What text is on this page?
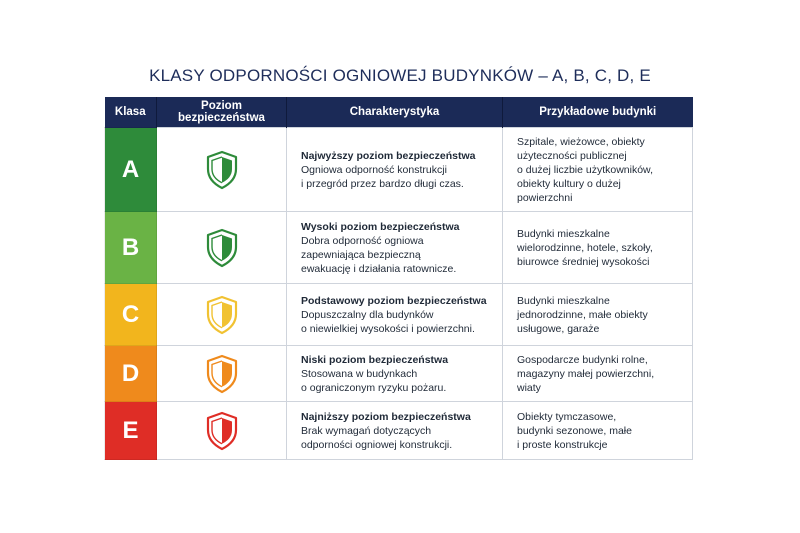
KLASY ODPORNOŚCI OGNIOWEJ BUDYNKÓW – A, B, C, D, E
Klasa	Poziom bezpieczeństwa	Charakterystyka	Przykładowe budynki
A		Najwyższy poziom bezpieczeństwa
Ogniowa odporność konstrukcji
i przegród przez bardzo długi czas.	Szpitale, wieżowce, obiekty
użyteczności publicznej
o dużej liczbie użytkowników,
obiekty kultury o dużej
powierzchni

B		Wysoki poziom bezpieczeństwa
Dobra odporność ogniowa
zapewniająca bezpieczną
ewakuację i działania ratownicze.	Budynki mieszkalne
wielorodzinne, hotele, szkoły,
biurowce średniej wysokości

C		Podstawowy poziom bezpieczeństwa
Dopuszczalny dla budynków
o niewielkiej wysokości i powierzchni.	Budynki mieszkalne
jednorodzinne, małe obiekty
usługowe, garaże

D		Niski poziom bezpieczeństwa
Stosowana w budynkach
o ograniczonym ryzyku pożaru.	Gospodarcze budynki rolne,
magazyny małej powierzchni,
wiaty

E		Najniższy poziom bezpieczeństwa
Brak wymagań dotyczących
odporności ogniowej konstrukcji.	Obiekty tymczasowe,
budynki sezonowe, małe
i proste konstrukcje
